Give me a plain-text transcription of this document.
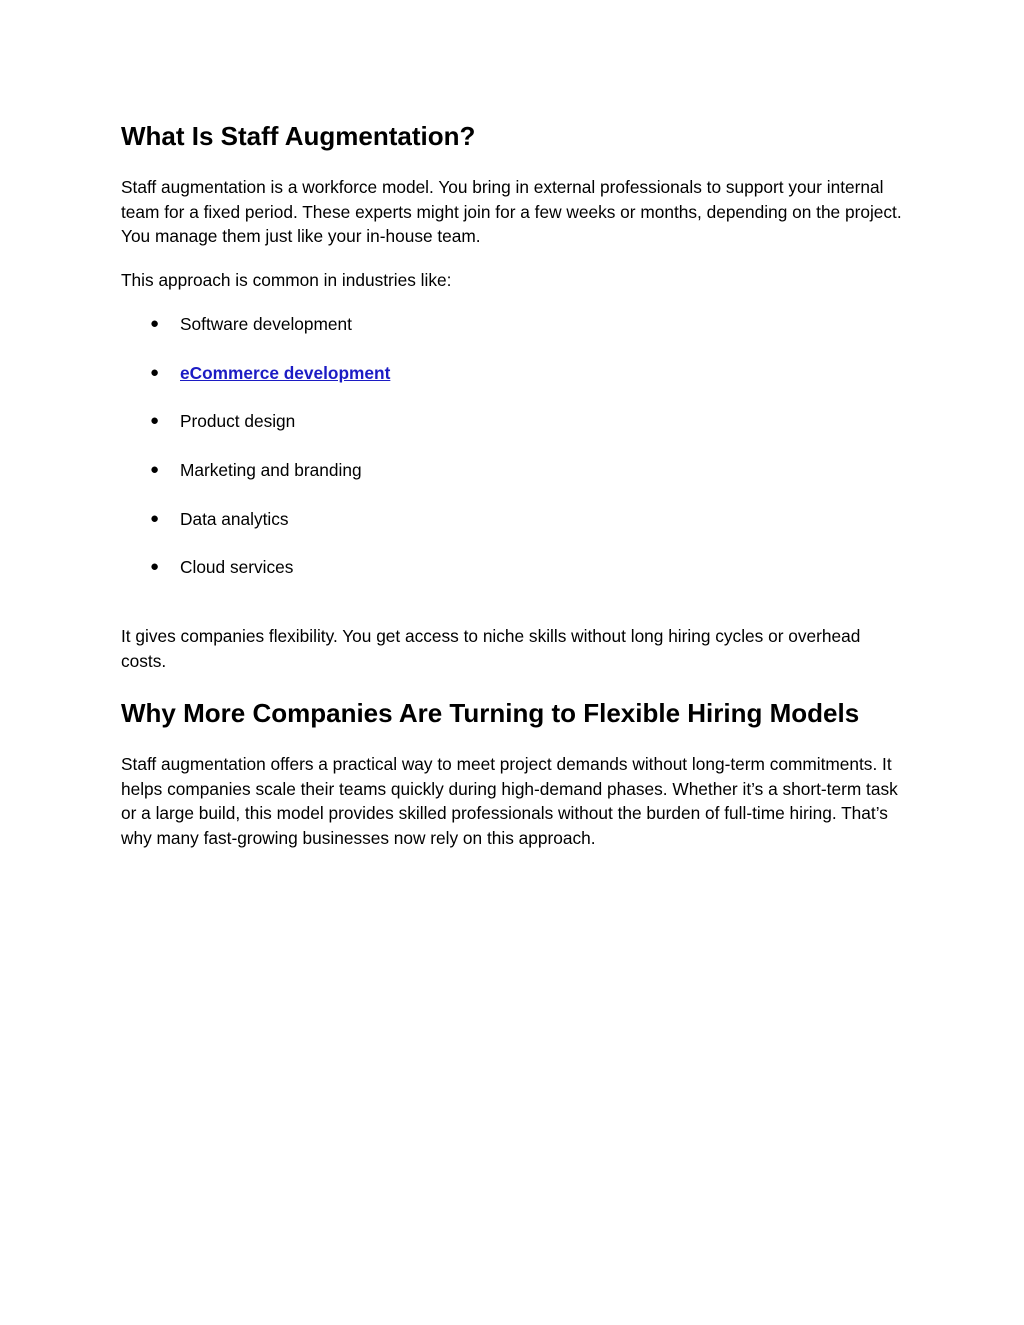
What Is Staff Augmentation?

Staff augmentation is a workforce model. You bring in external professionals to support your internal team for a fixed period. These experts might join for a few weeks or months, depending on the project. You manage them just like your in-house team.

This approach is common in industries like:

● Software development
● eCommerce development
● Product design
● Marketing and branding
● Data analytics
● Cloud services

It gives companies flexibility. You get access to niche skills without long hiring cycles or overhead costs.

Why More Companies Are Turning to Flexible Hiring Models

Staff augmentation offers a practical way to meet project demands without long-term commitments. It helps companies scale their teams quickly during high-demand phases. Whether it’s a short-term task or a large build, this model provides skilled professionals without the burden of full-time hiring. That’s why many fast-growing businesses now rely on this approach.
